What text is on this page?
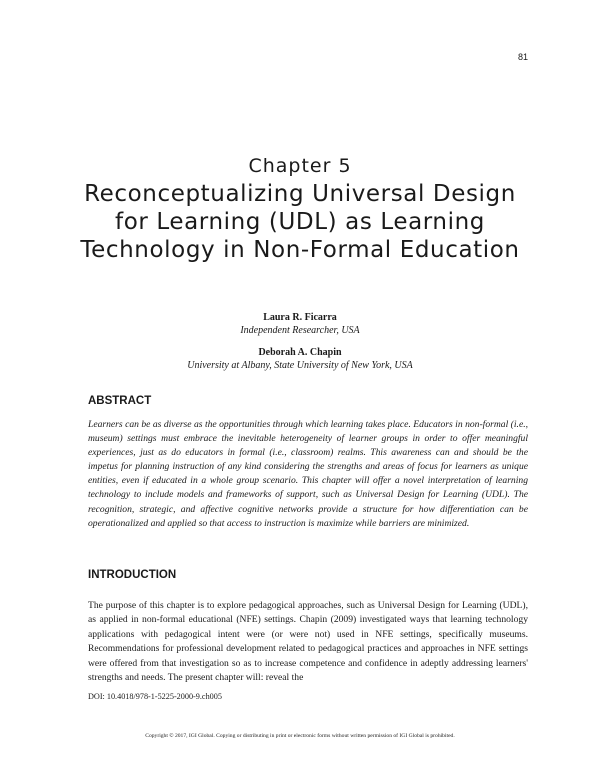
81
Chapter 5
Reconceptualizing Universal Design for Learning (UDL) as Learning Technology in Non-Formal Education
Laura R. Ficarra
Independent Researcher, USA
Deborah A. Chapin
University at Albany, State University of New York, USA
ABSTRACT
Learners can be as diverse as the opportunities through which learning takes place. Educators in non-formal (i.e., museum) settings must embrace the inevitable heterogeneity of learner groups in order to offer meaningful experiences, just as do educators in formal (i.e., classroom) realms. This awareness can and should be the impetus for planning instruction of any kind considering the strengths and areas of focus for learners as unique entities, even if educated in a whole group scenario. This chapter will offer a novel interpretation of learning technology to include models and frameworks of support, such as Universal Design for Learning (UDL). The recognition, strategic, and affective cognitive networks provide a structure for how differentiation can be operationalized and applied so that access to instruction is maximize while barriers are minimized.
INTRODUCTION
The purpose of this chapter is to explore pedagogical approaches, such as Universal Design for Learning (UDL), as applied in non-formal educational (NFE) settings. Chapin (2009) investigated ways that learning technology applications with pedagogical intent were (or were not) used in NFE settings, specifically museums. Recommendations for professional development related to pedagogical practices and approaches in NFE settings were offered from that investigation so as to increase competence and confidence in adeptly addressing learners' strengths and needs. The present chapter will: reveal the
DOI: 10.4018/978-1-5225-2000-9.ch005
Copyright © 2017, IGI Global. Copying or distributing in print or electronic forms without written permission of IGI Global is prohibited.
